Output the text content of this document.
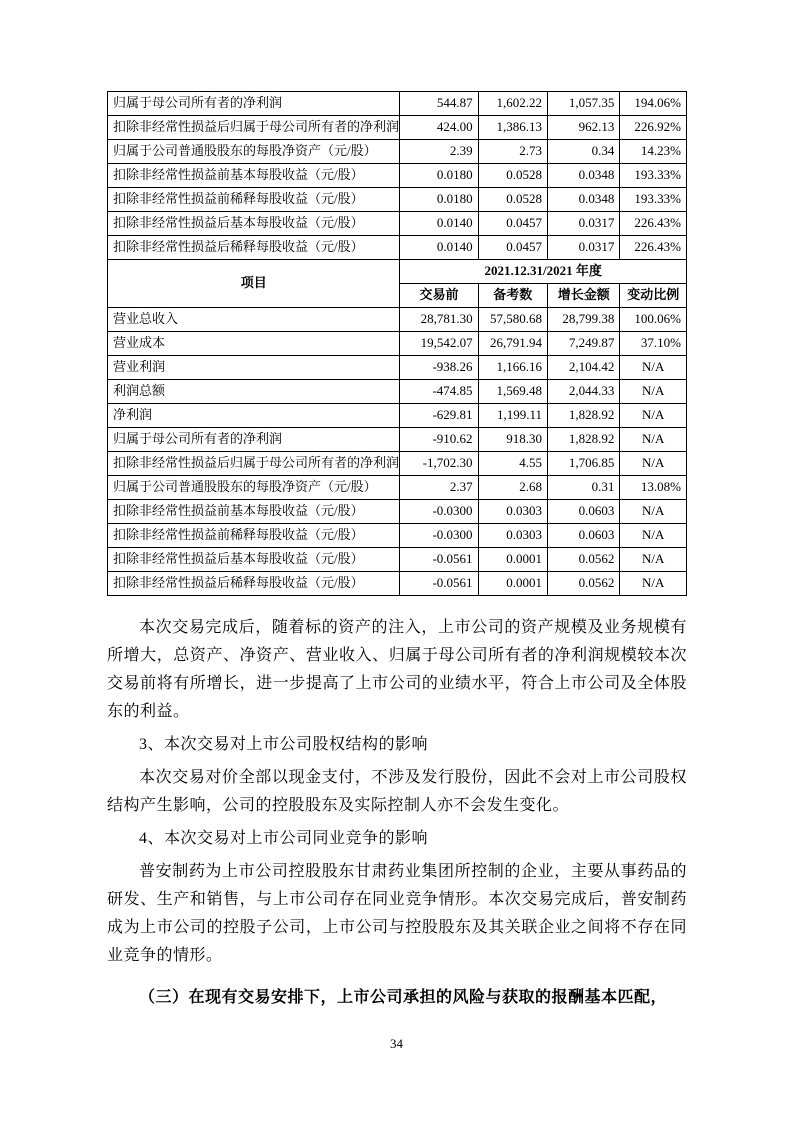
归属于母公司所有者的净利润	544.87	1,602.22	1,057.35	194.06%
扣除非经常性损益后归属于母公司所有者的净利润	424.00	1,386.13	962.13	226.92%
归属于公司普通股股东的每股净资产（元/股）	2.39	2.73	0.34	14.23%
扣除非经常性损益前基本每股收益（元/股）	0.0180	0.0528	0.0348	193.33%
扣除非经常性损益前稀释每股收益（元/股）	0.0180	0.0528	0.0348	193.33%
扣除非经常性损益后基本每股收益（元/股）	0.0140	0.0457	0.0317	226.43%
扣除非经常性损益后稀释每股收益（元/股）	0.0140	0.0457	0.0317	226.43%
项目	2021.12.31/2021 年度			
	交易前	备考数	增长金额	变动比例
营业总收入	28,781.30	57,580.68	28,799.38	100.06%
营业成本	19,542.07	26,791.94	7,249.87	37.10%
营业利润	-938.26	1,166.16	2,104.42	N/A
利润总额	-474.85	1,569.48	2,044.33	N/A
净利润	-629.81	1,199.11	1,828.92	N/A
归属于母公司所有者的净利润	-910.62	918.30	1,828.92	N/A
扣除非经常性损益后归属于母公司所有者的净利润	-1,702.30	4.55	1,706.85	N/A
归属于公司普通股股东的每股净资产（元/股）	2.37	2.68	0.31	13.08%
扣除非经常性损益前基本每股收益（元/股）	-0.0300	0.0303	0.0603	N/A
扣除非经常性损益前稀释每股收益（元/股）	-0.0300	0.0303	0.0603	N/A
扣除非经常性损益后基本每股收益（元/股）	-0.0561	0.0001	0.0562	N/A
扣除非经常性损益后稀释每股收益（元/股）	-0.0561	0.0001	0.0562	N/A

本次交易完成后，随着标的资产的注入，上市公司的资产规模及业务规模有所增大，总资产、净资产、营业收入、归属于母公司所有者的净利润规模较本次交易前将有所增长，进一步提高了上市公司的业绩水平，符合上市公司及全体股东的利益。

3、本次交易对上市公司股权结构的影响

本次交易对价全部以现金支付，不涉及发行股份，因此不会对上市公司股权结构产生影响，公司的控股股东及实际控制人亦不会发生变化。

4、本次交易对上市公司同业竞争的影响

普安制药为上市公司控股股东甘肃药业集团所控制的企业，主要从事药品的研发、生产和销售，与上市公司存在同业竞争情形。本次交易完成后，普安制药成为上市公司的控股子公司，上市公司与控股股东及其关联企业之间将不存在同业竞争的情形。

（三）在现有交易安排下，上市公司承担的风险与获取的报酬基本匹配，

34
